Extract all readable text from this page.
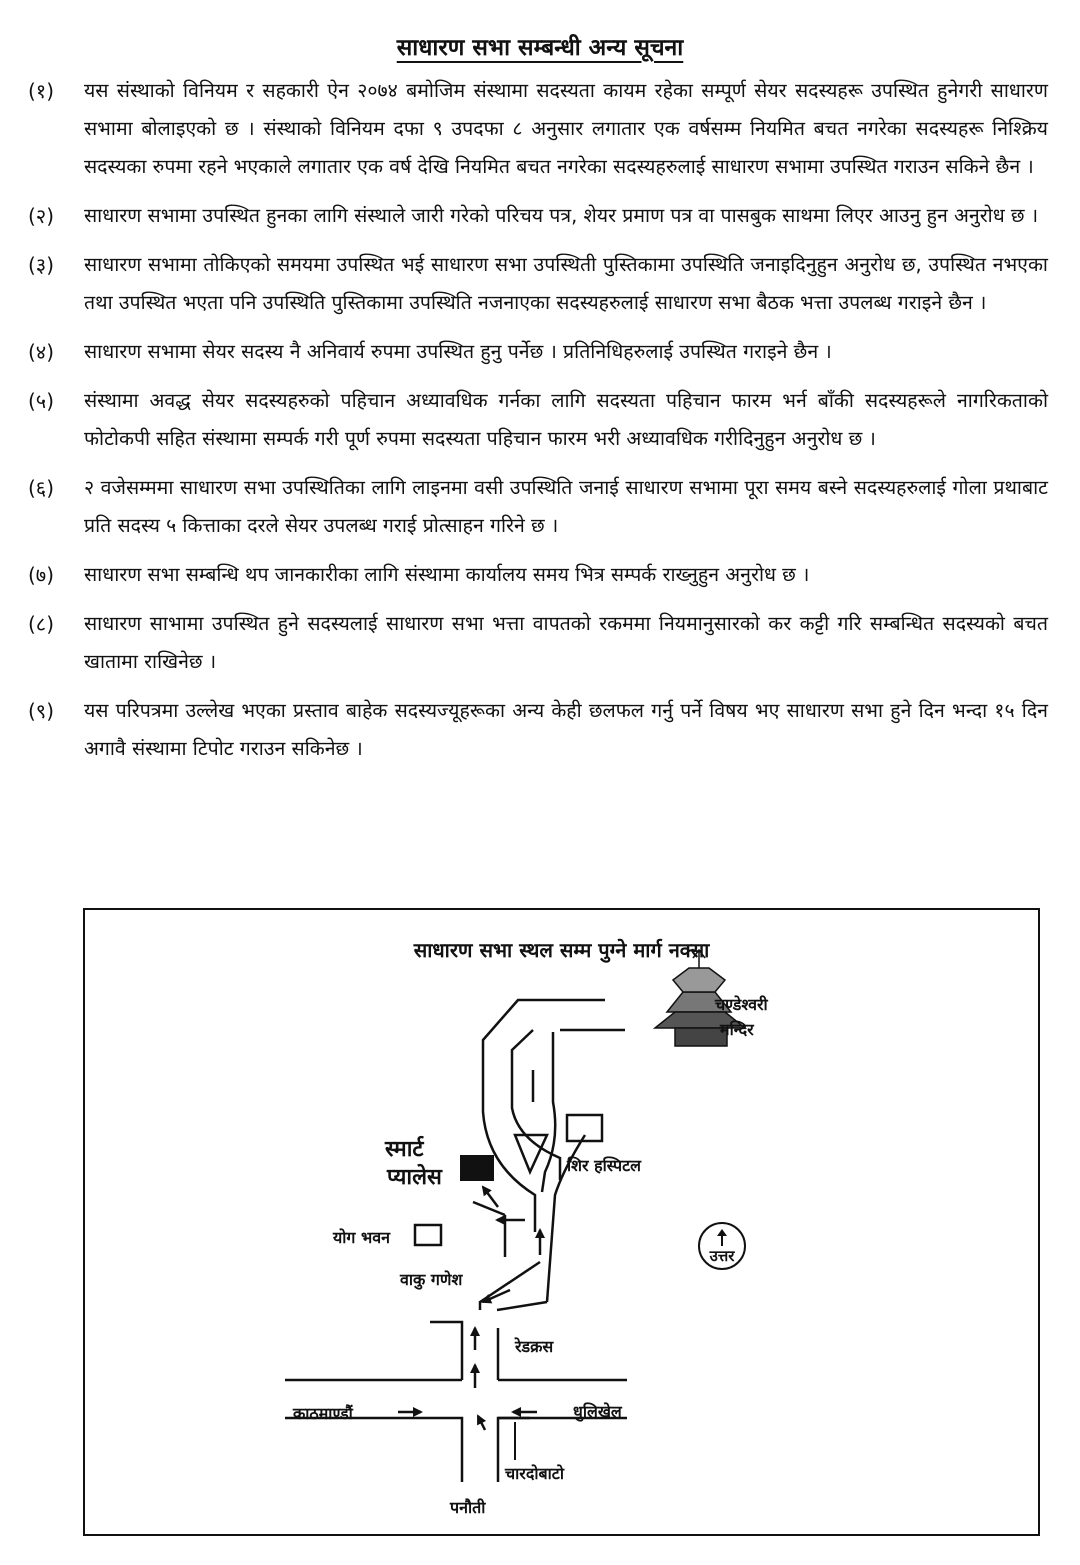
साधारण सभा सम्बन्धी अन्य सूचना
(१)	यस संस्थाको विनियम र सहकारी ऐन २०७४ बमोजिम संस्थामा सदस्यता कायम रहेका सम्पूर्ण सेयर सदस्यहरू उपस्थित हुनेगरी साधारण सभामा बोलाइएको छ । संस्थाको विनियम दफा ९ उपदफा ८ अनुसार लगातार एक वर्षसम्म नियमित बचत नगरेका सदस्यहरू निश्क्रिय सदस्यका रुपमा रहने भएकाले लगातार एक वर्ष देखि नियमित बचत नगरेका सदस्यहरुलाई साधारण सभामा उपस्थित गराउन सकिने छैन ।
(२)	साधारण सभामा उपस्थित हुनका लागि संस्थाले जारी गरेको परिचय पत्र, शेयर प्रमाण पत्र वा पासबुक साथमा लिएर आउनु हुन अनुरोध छ ।
(३)	साधारण सभामा तोकिएको समयमा उपस्थित भई साधारण सभा उपस्थिती पुस्तिकामा उपस्थिति जनाइदिनुहुन अनुरोध छ, उपस्थित नभएका तथा उपस्थित भएता पनि उपस्थिति पुस्तिकामा उपस्थिति नजनाएका सदस्यहरुलाई साधारण सभा बैठक भत्ता उपलब्ध गराइने छैन ।
(४)	साधारण सभामा सेयर सदस्य नै अनिवार्य रुपमा उपस्थित हुनु पर्नेछ । प्रतिनिधिहरुलाई उपस्थित गराइने छैन ।
(५)	संस्थामा अवद्ध सेयर सदस्यहरुको पहिचान अध्यावधिक गर्नका लागि सदस्यता पहिचान फारम भर्न बाँकी सदस्यहरूले नागरिकताको फोटोकपी सहित संस्थामा सम्पर्क गरी पूर्ण रुपमा सदस्यता पहिचान फारम भरी अध्यावधिक गरीदिनुहुन अनुरोध छ ।
(६)	२ वजेसम्ममा साधारण सभा उपस्थितिका लागि लाइनमा वसी उपस्थिति जनाई साधारण सभामा पूरा समय बस्ने सदस्यहरुलाई गोला प्रथाबाट प्रति सदस्य ५ कित्ताका दरले सेयर उपलब्ध गराई प्रोत्साहन गरिने छ ।
(७)	साधारण सभा सम्बन्धि थप जानकारीका लागि संस्थामा कार्यालय समय भित्र सम्पर्क राख्नुहुन अनुरोध छ ।
(८)	साधारण साभामा उपस्थित हुने सदस्यलाई साधारण सभा भत्ता वापतको रकममा नियमानुसारको कर कट्टी गरि सम्बन्धित सदस्यको बचत खातामा राखिनेछ ।
(९)	यस परिपत्रमा उल्लेख भएका प्रस्ताव बाहेक सदस्यज्यूहरूका अन्य केही छलफल गर्नु पर्ने विषय भए साधारण सभा हुने दिन भन्दा १५ दिन अगावै संस्थामा टिपोट गराउन सकिनेछ ।
साधारण सभा स्थल सम्म पुग्ने मार्ग नक्सा
चण्डेश्वरी
मन्दिर
स्मार्ट
प्यालेस	शिर हस्पिटल
योग भवन
वाकु गणेश
रेडक्रस
काठमाण्डौं	धुलिखेल
चारदोबाटो
पनौती
उत्तर
